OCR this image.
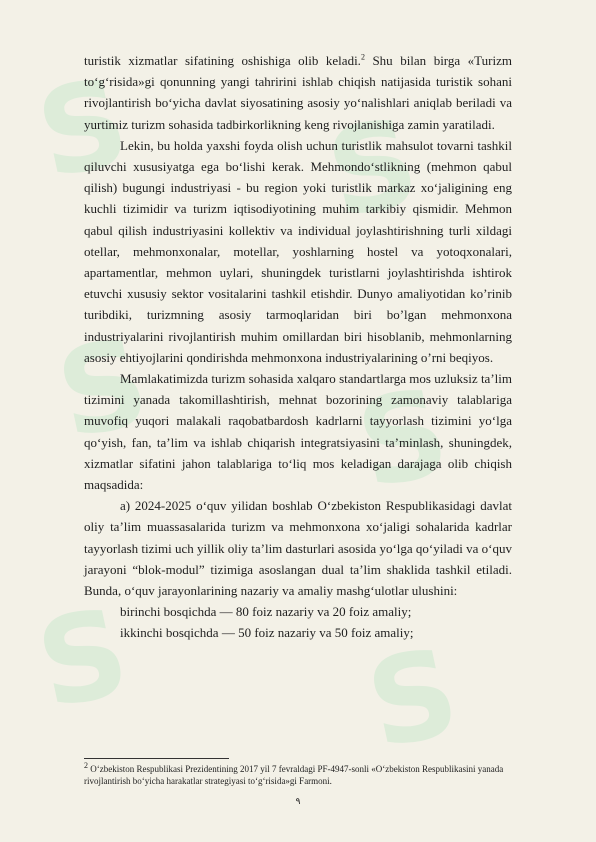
S S
S S
S S

turistik xizmatlar sifatining oshishiga olib keladi.$^2$ Shu bilan birga «Turizm to‘g‘risida»gi qonunning yangi tahririni ishlab chiqish natijasida turistik sohani rivojlantirish bo‘yicha davlat siyosatining asosiy yo‘nalishlari aniqlab beriladi va yurtimiz turizm sohasida tadbirkorlikning keng rivojlanishiga zamin yaratiladi.

Lekin, bu holda yaxshi foyda olish uchun turistlik mahsulot tovarni tashkil qiluvchi xususiyatga ega bo‘lishi kerak. Mehmondo‘stlikning (mehmon qabul qilish) bugungi industriyasi - bu region yoki turistlik markaz xo‘jaligining eng kuchli tizimidir va turizm iqtisodiyotining muhim tarkibiy qismidir. Mehmon qabul qilish industriyasini kollektiv va individual joylashtirishning turli xildagi otellar, mehmonxonalar, motellar, yoshlarning hostel va yotoqxonalari, apartamentlar, mehmon uylari, shuningdek turistlarni joylashtirishda ishtirok etuvchi xususiy sektor vositalarini tashkil etishdir. Dunyo amaliyotidan ko’rinib turibdiki, turizmning asosiy tarmoqlaridan biri bo’lgan mehmonxona industriyalarini rivojlantirish muhim omillardan biri hisoblanib, mehmonlarning asosiy ehtiyojlarini qondirishda mehmonxona industriyalarining o’rni beqiyos.

Mamlakatimizda turizm sohasida xalqaro standartlarga mos uzluksiz ta’lim tizimini yanada takomillashtirish, mehnat bozorining zamonaviy talablariga muvofiq yuqori malakali raqobatbardosh kadrlarni tayyorlash tizimini yo‘lga qo‘yish, fan, ta’lim va ishlab chiqarish integratsiyasini ta’minlash, shuningdek, xizmatlar sifatini jahon talablariga to‘liq mos keladigan darajaga olib chiqish maqsadida:

a) 2024-2025 o‘quv yilidan boshlab O‘zbekiston Respublikasidagi davlat oliy ta’lim muassasalarida turizm va mehmonxona xo‘jaligi sohalarida kadrlar tayyorlash tizimi uch yillik oliy ta’lim dasturlari asosida yo‘lga qo‘yiladi va o‘quv jarayoni “blok-modul” tizimiga asoslangan dual ta’lim shaklida tashkil etiladi. Bunda, o‘quv jarayonlarining nazariy va amaliy mashg‘ulotlar ulushini:

birinchi bosqichda — 80 foiz nazariy va 20 foiz amaliy;

ikkinchi bosqichda — 50 foiz nazariy va 50 foiz amaliy;

$^2$ O‘zbekiston Respublikasi Prezidentining 2017 yil 7 fevraldagi PF-4947-sonli «O‘zbekiston Respublikasini yanada rivojlantirish bo‘yicha harakatlar strategiyasi to‘g‘risida»gi Farmoni.
٩
